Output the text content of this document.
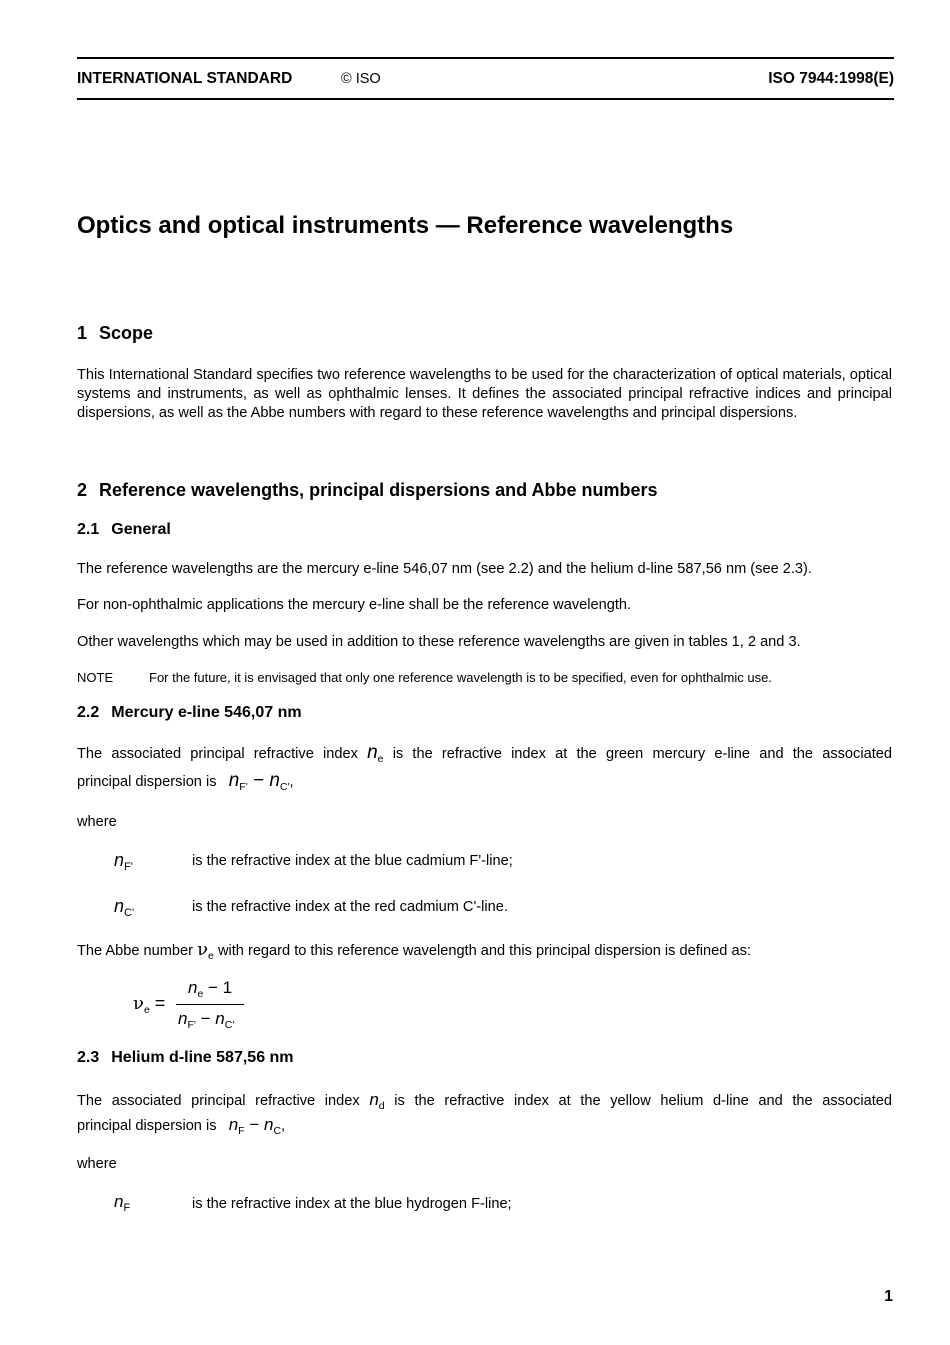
INTERNATIONAL STANDARD	© ISO	ISO 7944:1998(E)
Optics and optical instruments — Reference wavelengths
1 Scope
This International Standard specifies two reference wavelengths to be used for the characterization of optical materials, optical systems and instruments, as well as ophthalmic lenses. It defines the associated principal refractive indices and principal dispersions, as well as the Abbe numbers with regard to these reference wavelengths and principal dispersions.
2 Reference wavelengths, principal dispersions and Abbe numbers
2.1 General
The reference wavelengths are the mercury e-line 546,07 nm (see 2.2) and the helium d-line 587,56 nm (see 2.3).
For non-ophthalmic applications the mercury e-line shall be the reference wavelength.
Other wavelengths which may be used in addition to these reference wavelengths are given in tables 1, 2 and 3.
NOTE	For the future, it is envisaged that only one reference wavelength is to be specified, even for ophthalmic use.
2.2 Mercury e-line 546,07 nm
The associated principal refractive index $n_e$ is the refractive index at the green mercury e-line and the associated
principal dispersion is $n_{F'} - n_{C'}$,
where
$n_{F'}$	is the refractive index at the blue cadmium F'-line;
$n_{C'}$	is the refractive index at the red cadmium C'-line.
The Abbe number $\nu_e$ with regard to this reference wavelength and this principal dispersion is defined as:
$\nu_e$ =
$n_e - 1$
$n_{F'} - n_{C'}$
2.3 Helium d-line 587,56 nm
The associated principal refractive index $n_d$ is the refractive index at the yellow helium d-line and the associated
principal dispersion is $n_F - n_C$,
where
$n_F$	is the refractive index at the blue hydrogen F-line;
1
